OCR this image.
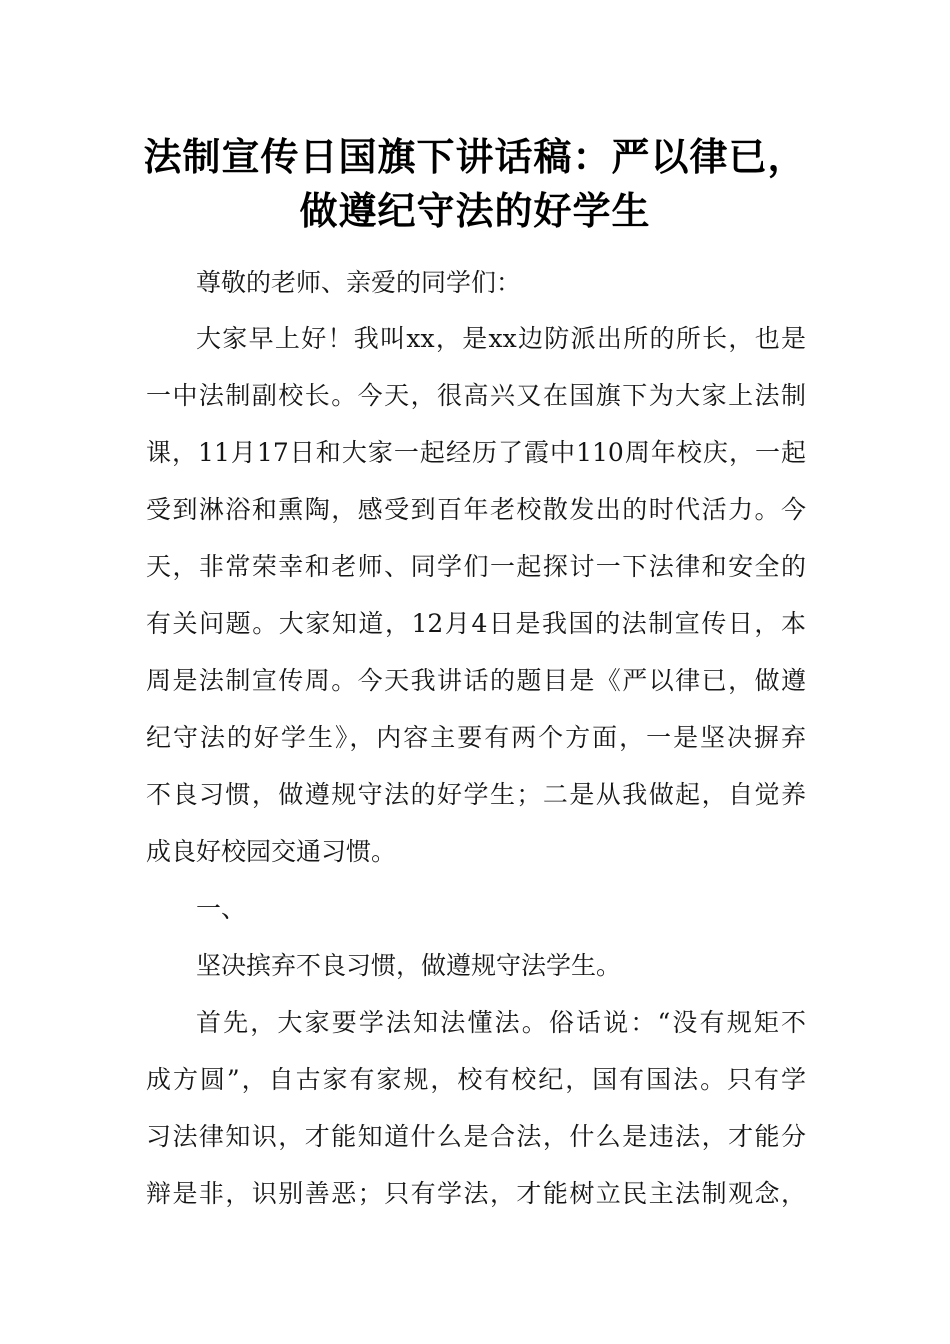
法制宣传日国旗下讲话稿：严以律已，
做遵纪守法的好学生
尊敬的老师、亲爱的同学们：
大家早上好！我叫xx，是xx边防派出所的所长，也是
一中法制副校长。今天，很高兴又在国旗下为大家上法制
课，11月17日和大家一起经历了霞中110周年校庆，一起
受到淋浴和熏陶，感受到百年老校散发出的时代活力。今
天，非常荣幸和老师、同学们一起探讨一下法律和安全的
有关问题。大家知道，12月4日是我国的法制宣传日，本
周是法制宣传周。今天我讲话的题目是《严以律已，做遵
纪守法的好学生》，内容主要有两个方面，一是坚决摒弃
不良习惯，做遵规守法的好学生；二是从我做起，自觉养
成良好校园交通习惯。
一、
坚决摈弃不良习惯，做遵规守法学生。
首先，大家要学法知法懂法。俗话说：“没有规矩不
成方圆”，自古家有家规，校有校纪，国有国法。只有学
习法律知识，才能知道什么是合法，什么是违法，才能分
辩是非，识别善恶；只有学法，才能树立民主法制观念，
